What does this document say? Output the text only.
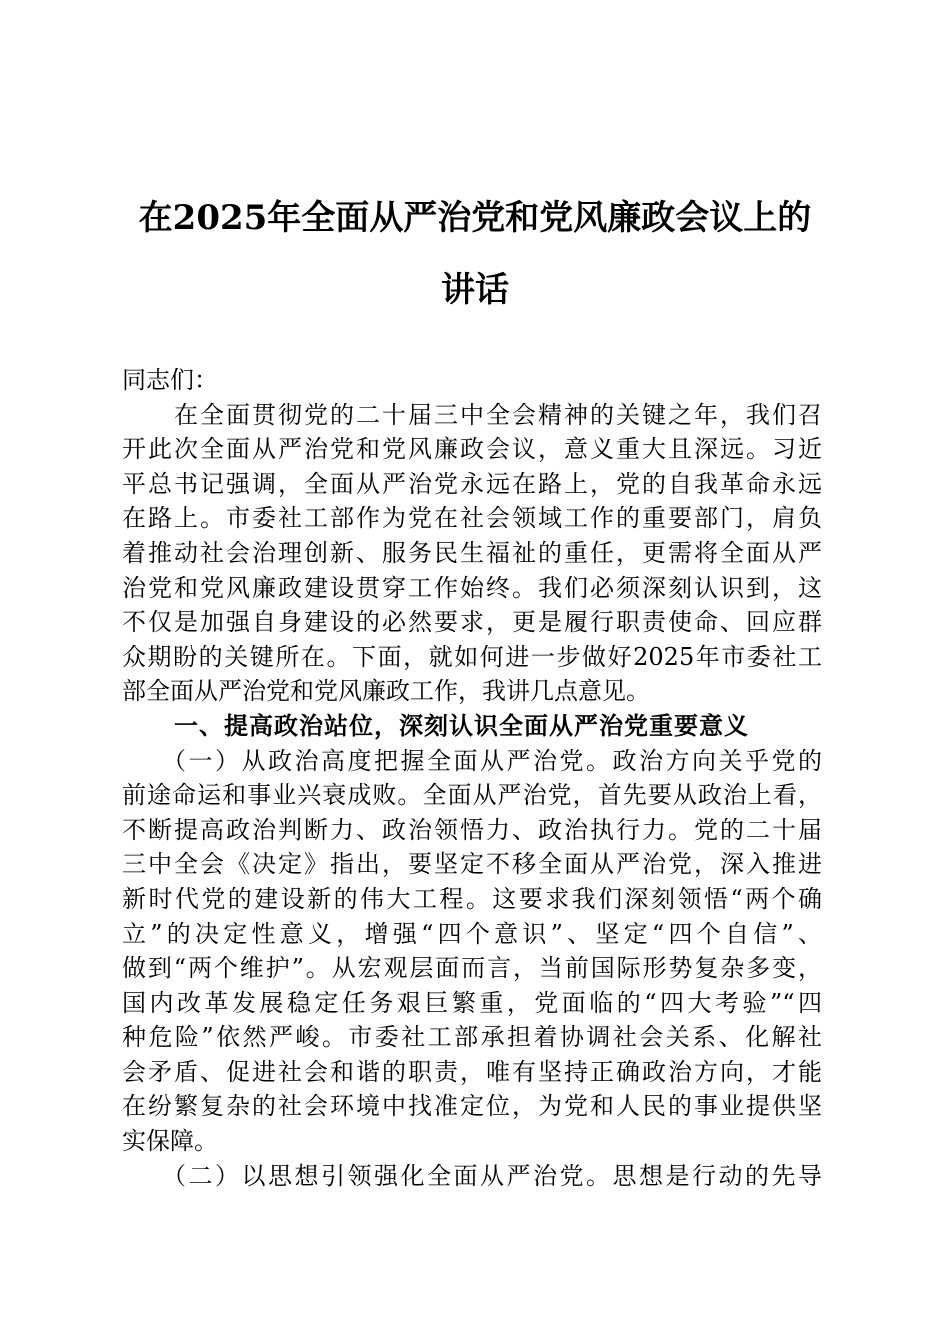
在2025年全面从严治党和党风廉政会议上的
讲话
同志们：
在全面贯彻党的二十届三中全会精神的关键之年，我们召
开此次全面从严治党和党风廉政会议，意义重大且深远。习近
平总书记强调，全面从严治党永远在路上，党的自我革命永远
在路上。市委社工部作为党在社会领域工作的重要部门，肩负
着推动社会治理创新、服务民生福祉的重任，更需将全面从严
治党和党风廉政建设贯穿工作始终。我们必须深刻认识到，这
不仅是加强自身建设的必然要求，更是履行职责使命、回应群
众期盼的关键所在。下面，就如何进一步做好2025年市委社工
部全面从严治党和党风廉政工作，我讲几点意见。
一、提高政治站位，深刻认识全面从严治党重要意义
（一）从政治高度把握全面从严治党。政治方向关乎党的
前途命运和事业兴衰成败。全面从严治党，首先要从政治上看，
不断提高政治判断力、政治领悟力、政治执行力。党的二十届
三中全会《决定》指出，要坚定不移全面从严治党，深入推进
新时代党的建设新的伟大工程。这要求我们深刻领悟“两个确
立”的决定性意义，增强“四个意识”、坚定“四个自信”、
做到“两个维护”。从宏观层面而言，当前国际形势复杂多变，
国内改革发展稳定任务艰巨繁重，党面临的“四大考验”“四
种危险”依然严峻。市委社工部承担着协调社会关系、化解社
会矛盾、促进社会和谐的职责，唯有坚持正确政治方向，才能
在纷繁复杂的社会环境中找准定位，为党和人民的事业提供坚
实保障。
（二）以思想引领强化全面从严治党。思想是行动的先导
